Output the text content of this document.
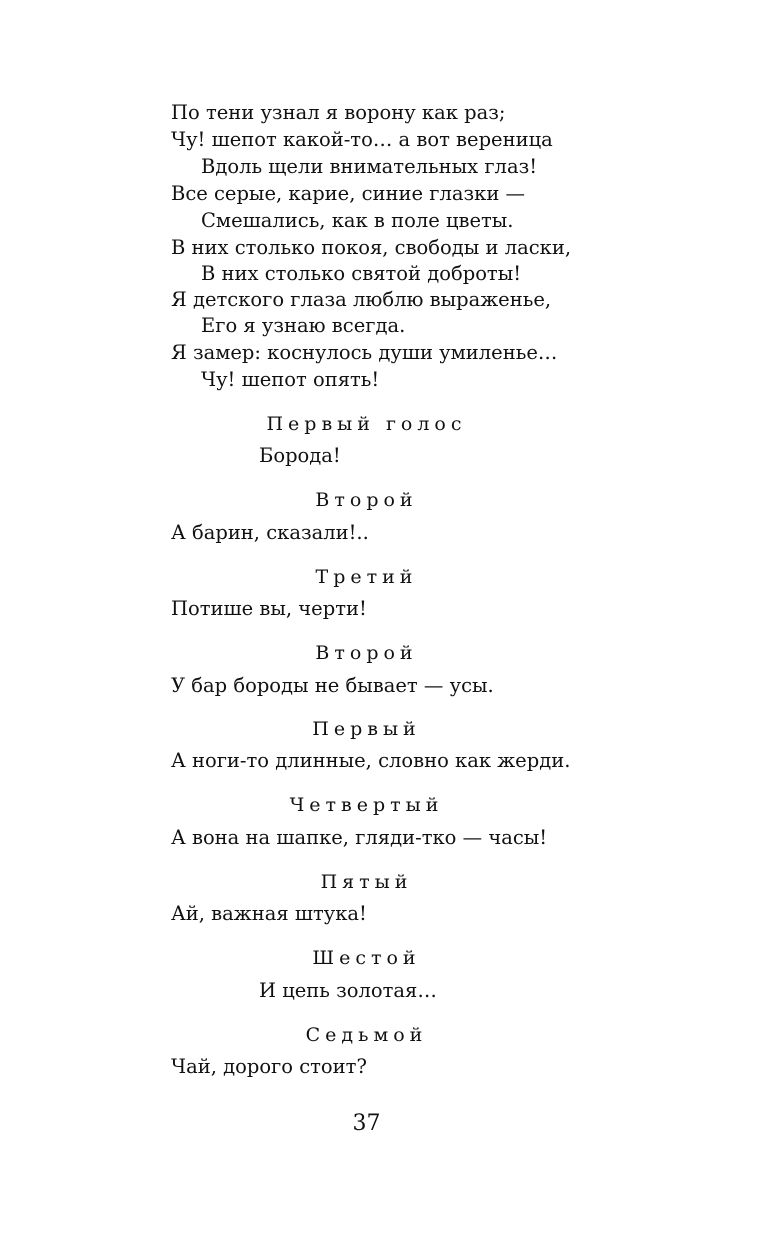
По тени узнал я ворону как раз;
Чу! шепот какой-то… а вот вереница
Вдоль щели внимательных глаз!
Все серые, карие, синие глазки —
Смешались, как в поле цветы.
В них столько покоя, свободы и ласки,
В них столько святой доброты!
Я детского глаза люблю выраженье,
Его я узнаю всегда.
Я замер: коснулось души умиленье…
Чу! шепот опять!
Первый голос
Борода!
Второй
А барин, сказали!..
Третий
Потише вы, черти!
Второй
У бар бороды не бывает — усы.
Первый
А ноги-то длинные, словно как жерди.
Четвертый
А вона на шапке, гляди-тко — часы!
Пятый
Ай, важная штука!
Шестой
И цепь золотая…
Седьмой
Чай, дорого стоит?
37
